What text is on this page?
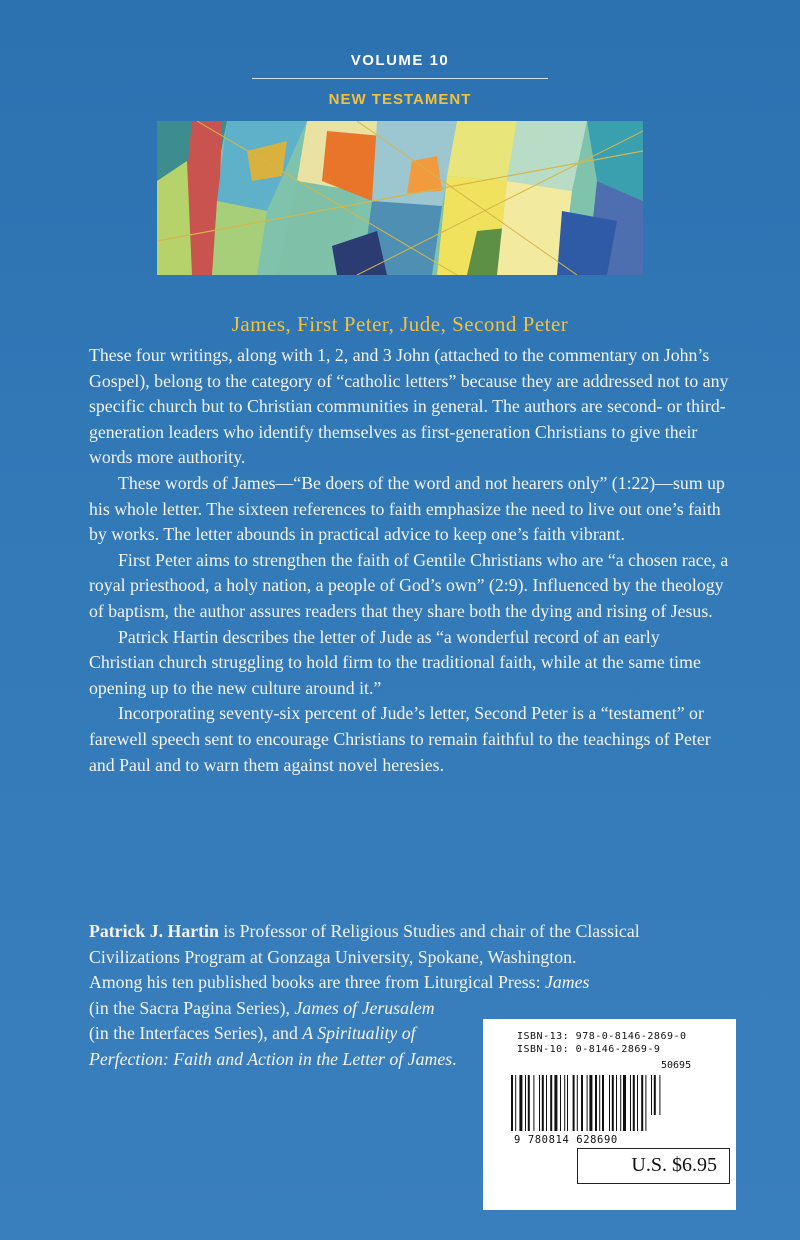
VOLUME 10
NEW TESTAMENT
James, First Peter, Jude, Second Peter

These four writings, along with 1, 2, and 3 John (attached to the commentary on John’s Gospel), belong to the category of “catholic letters” because they are addressed not to any specific church but to Christian communities in general. The authors are second- or third-generation leaders who identify themselves as first-generation Christians to give their words more authority.

These words of James—“Be doers of the word and not hearers only” (1:22)—sum up his whole letter. The sixteen references to faith emphasize the need to live out one’s faith by works. The letter abounds in practical advice to keep one’s faith vibrant.

First Peter aims to strengthen the faith of Gentile Christians who are “a chosen race, a royal priesthood, a holy nation, a people of God’s own” (2:9). Influenced by the theology of baptism, the author assures readers that they share both the dying and rising of Jesus.

Patrick Hartin describes the letter of Jude as “a wonderful record of an early Christian church struggling to hold firm to the traditional faith, while at the same time opening up to the new culture around it.”

Incorporating seventy-six percent of Jude’s letter, Second Peter is a “testament” or farewell speech sent to encourage Christians to remain faithful to the teachings of Peter and Paul and to warn them against novel heresies.

Patrick J. Hartin is Professor of Religious Studies and chair of the Classical
Civilizations Program at Gonzaga University, Spokane, Washington.
Among his ten published books are three from Liturgical Press: James
(in the Sacra Pagina Series), James of Jerusalem
(in the Interfaces Series), and A Spirituality of
Perfection: Faith and Action in the Letter of James.
ISBN-13: 978-0-8146-2869-0
ISBN-10: 0-8146-2869-9
50695
9 780814 628690
U.S. $6.95
